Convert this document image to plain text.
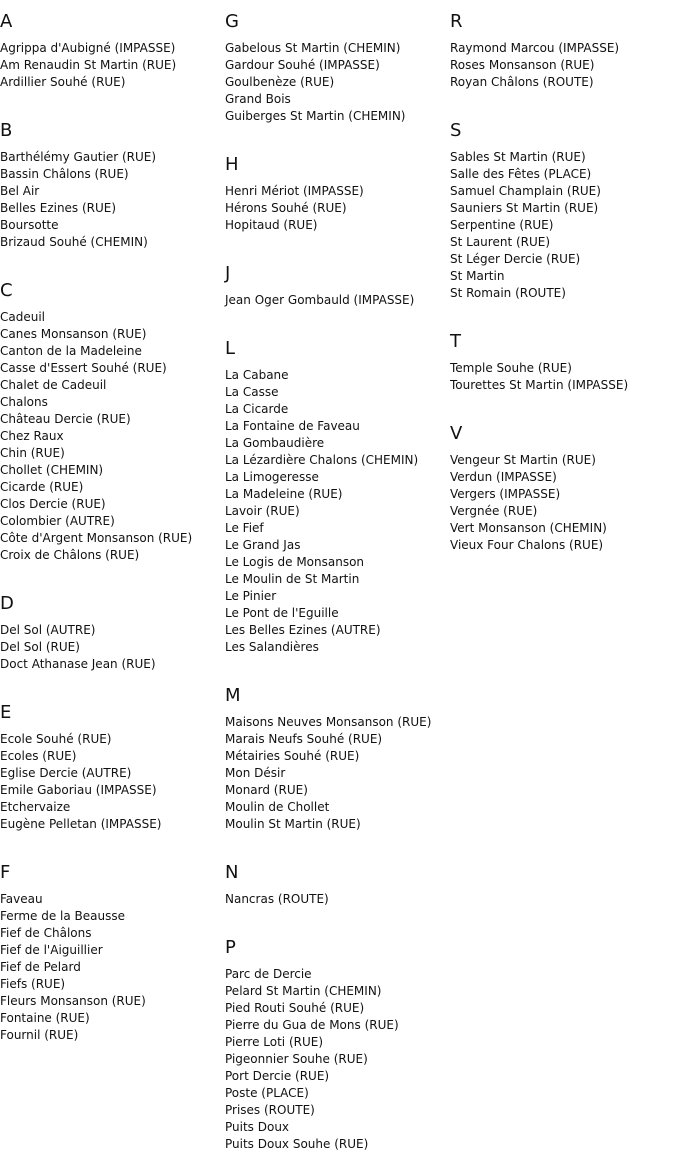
A
Agrippa d'Aubigné (IMPASSE)
Am Renaudin St Martin (RUE)
Ardillier Souhé (RUE)
B
Barthélémy Gautier (RUE)
Bassin Châlons (RUE)
Bel Air
Belles Ezines (RUE)
Boursotte
Brizaud Souhé (CHEMIN)
C
Cadeuil
Canes Monsanson (RUE)
Canton de la Madeleine
Casse d'Essert Souhé (RUE)
Chalet de Cadeuil
Chalons
Château Dercie (RUE)
Chez Raux
Chin (RUE)
Chollet (CHEMIN)
Cicarde (RUE)
Clos Dercie (RUE)
Colombier (AUTRE)
Côte d'Argent Monsanson (RUE)
Croix de Châlons (RUE)
D
Del Sol (AUTRE)
Del Sol (RUE)
Doct Athanase Jean (RUE)
E
Ecole Souhé (RUE)
Ecoles (RUE)
Eglise Dercie (AUTRE)
Emile Gaboriau (IMPASSE)
Etchervaize
Eugène Pelletan (IMPASSE)
F
Faveau
Ferme de la Beausse
Fief de Châlons
Fief de l'Aiguillier
Fief de Pelard
Fiefs (RUE)
Fleurs Monsanson (RUE)
Fontaine (RUE)
Fournil (RUE)
G
Gabelous St Martin (CHEMIN)
Gardour Souhé (IMPASSE)
Goulbenèze (RUE)
Grand Bois
Guiberges St Martin (CHEMIN)
H
Henri Mériot (IMPASSE)
Hérons Souhé (RUE)
Hopitaud (RUE)
J
Jean Oger Gombauld (IMPASSE)
L
La Cabane
La Casse
La Cicarde
La Fontaine de Faveau
La Gombaudière
La Lézardière Chalons (CHEMIN)
La Limogeresse
La Madeleine (RUE)
Lavoir (RUE)
Le Fief
Le Grand Jas
Le Logis de Monsanson
Le Moulin de St Martin
Le Pinier
Le Pont de l'Eguille
Les Belles Ezines (AUTRE)
Les Salandières
M
Maisons Neuves Monsanson (RUE)
Marais Neufs Souhé (RUE)
Métairies Souhé (RUE)
Mon Désir
Monard (RUE)
Moulin de Chollet
Moulin St Martin (RUE)
N
Nancras (ROUTE)
P
Parc de Dercie
Pelard St Martin (CHEMIN)
Pied Routi Souhé (RUE)
Pierre du Gua de Mons (RUE)
Pierre Loti (RUE)
Pigeonnier Souhe (RUE)
Port Dercie (RUE)
Poste (PLACE)
Prises (ROUTE)
Puits Doux
Puits Doux Souhe (RUE)
R
Raymond Marcou (IMPASSE)
Roses Monsanson (RUE)
Royan Châlons (ROUTE)
S
Sables St Martin (RUE)
Salle des Fêtes (PLACE)
Samuel Champlain (RUE)
Sauniers St Martin (RUE)
Serpentine (RUE)
St Laurent (RUE)
St Léger Dercie (RUE)
St Martin
St Romain (ROUTE)
T
Temple Souhe (RUE)
Tourettes St Martin (IMPASSE)
V
Vengeur St Martin (RUE)
Verdun (IMPASSE)
Vergers (IMPASSE)
Vergnée (RUE)
Vert Monsanson (CHEMIN)
Vieux Four Chalons (RUE)
